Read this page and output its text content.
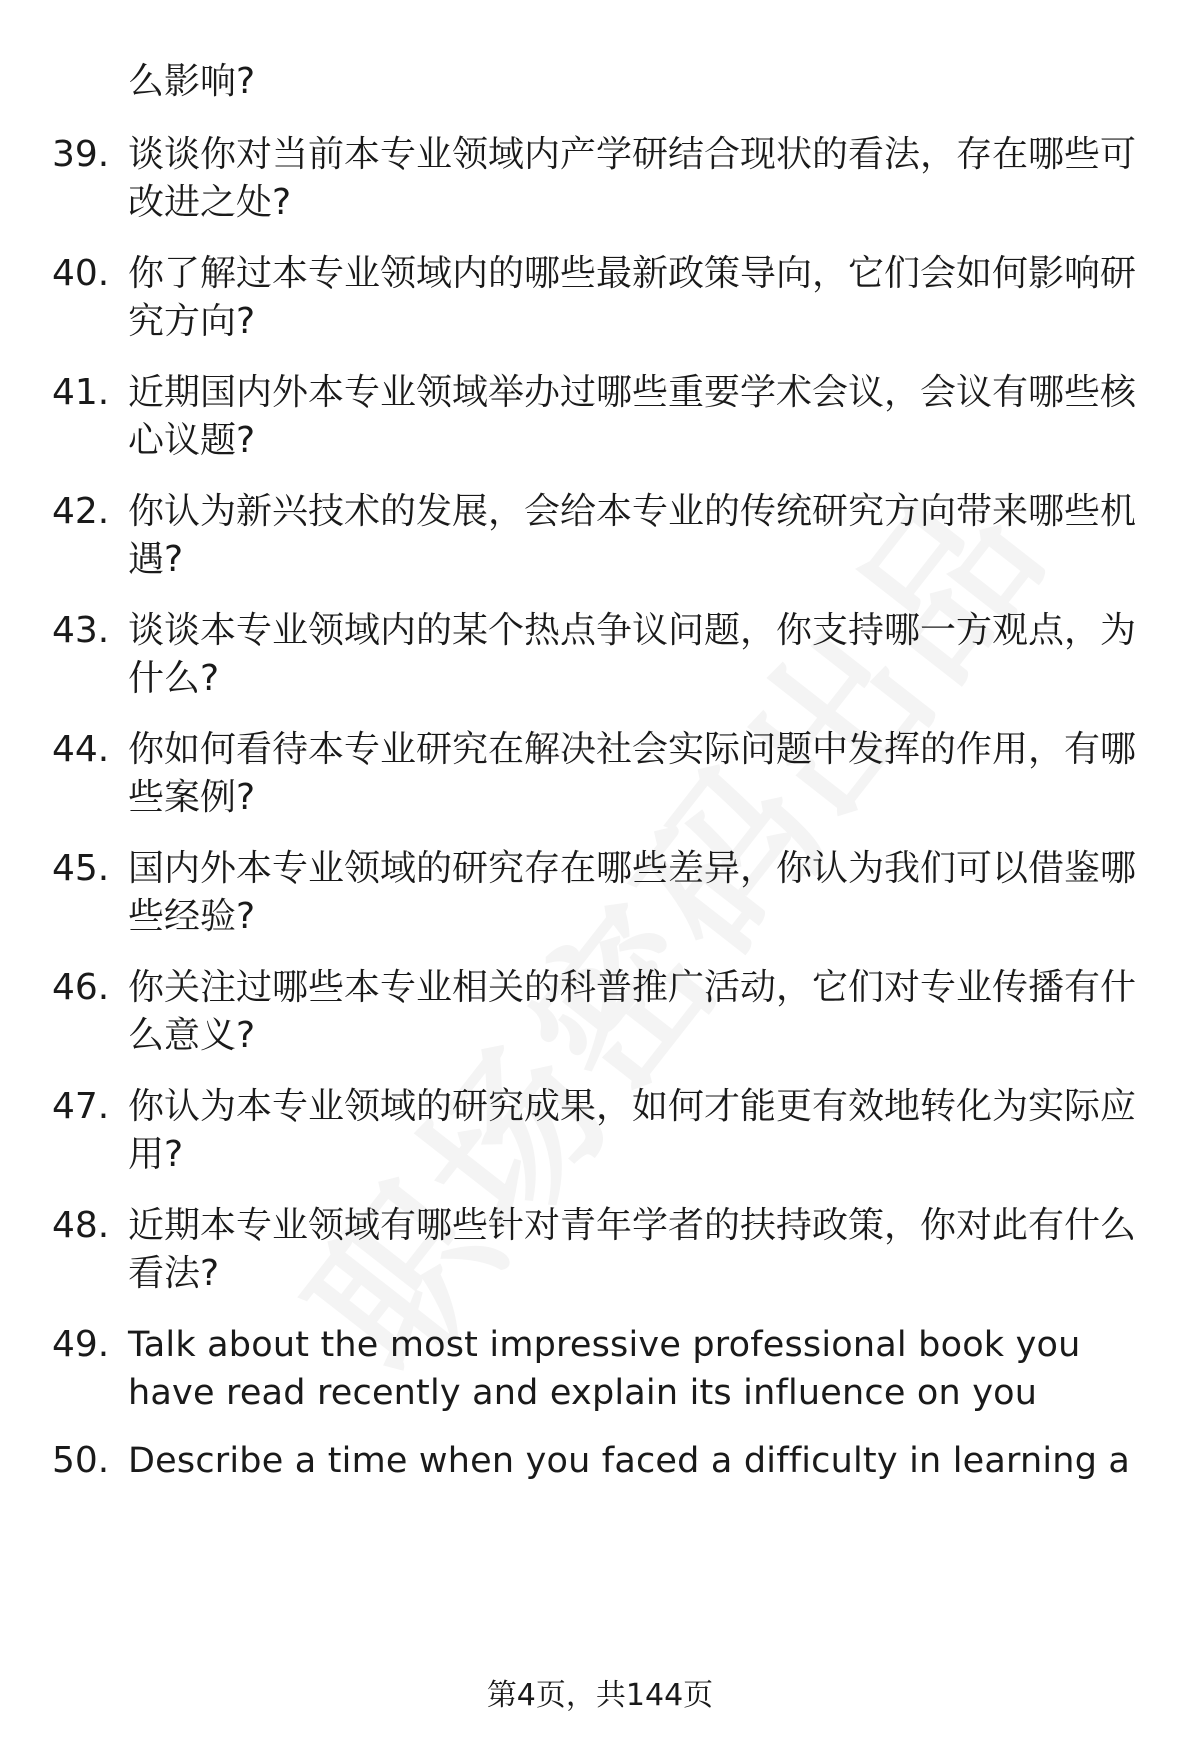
么影响?
39. 谈谈你对当前本专业领域内产学研结合现状的看法，存在哪些可改进之处?
40. 你了解过本专业领域内的哪些最新政策导向，它们会如何影响研究方向?
41. 近期国内外本专业领域举办过哪些重要学术会议，会议有哪些核心议题?
42. 你认为新兴技术的发展，会给本专业的传统研究方向带来哪些机遇?
43. 谈谈本专业领域内的某个热点争议问题，你支持哪一方观点，为什么?
44. 你如何看待本专业研究在解决社会实际问题中发挥的作用，有哪些案例?
45. 国内外本专业领域的研究存在哪些差异，你认为我们可以借鉴哪些经验?
46. 你关注过哪些本专业相关的科普推广活动，它们对专业传播有什么意义?
47. 你认为本专业领域的研究成果，如何才能更有效地转化为实际应用?
48. 近期本专业领域有哪些针对青年学者的扶持政策，你对此有什么看法?
49. Talk about the most impressive professional book you have read recently and explain its influence on you
50. Describe a time when you faced a difficulty in learning a
第4页，共144页
